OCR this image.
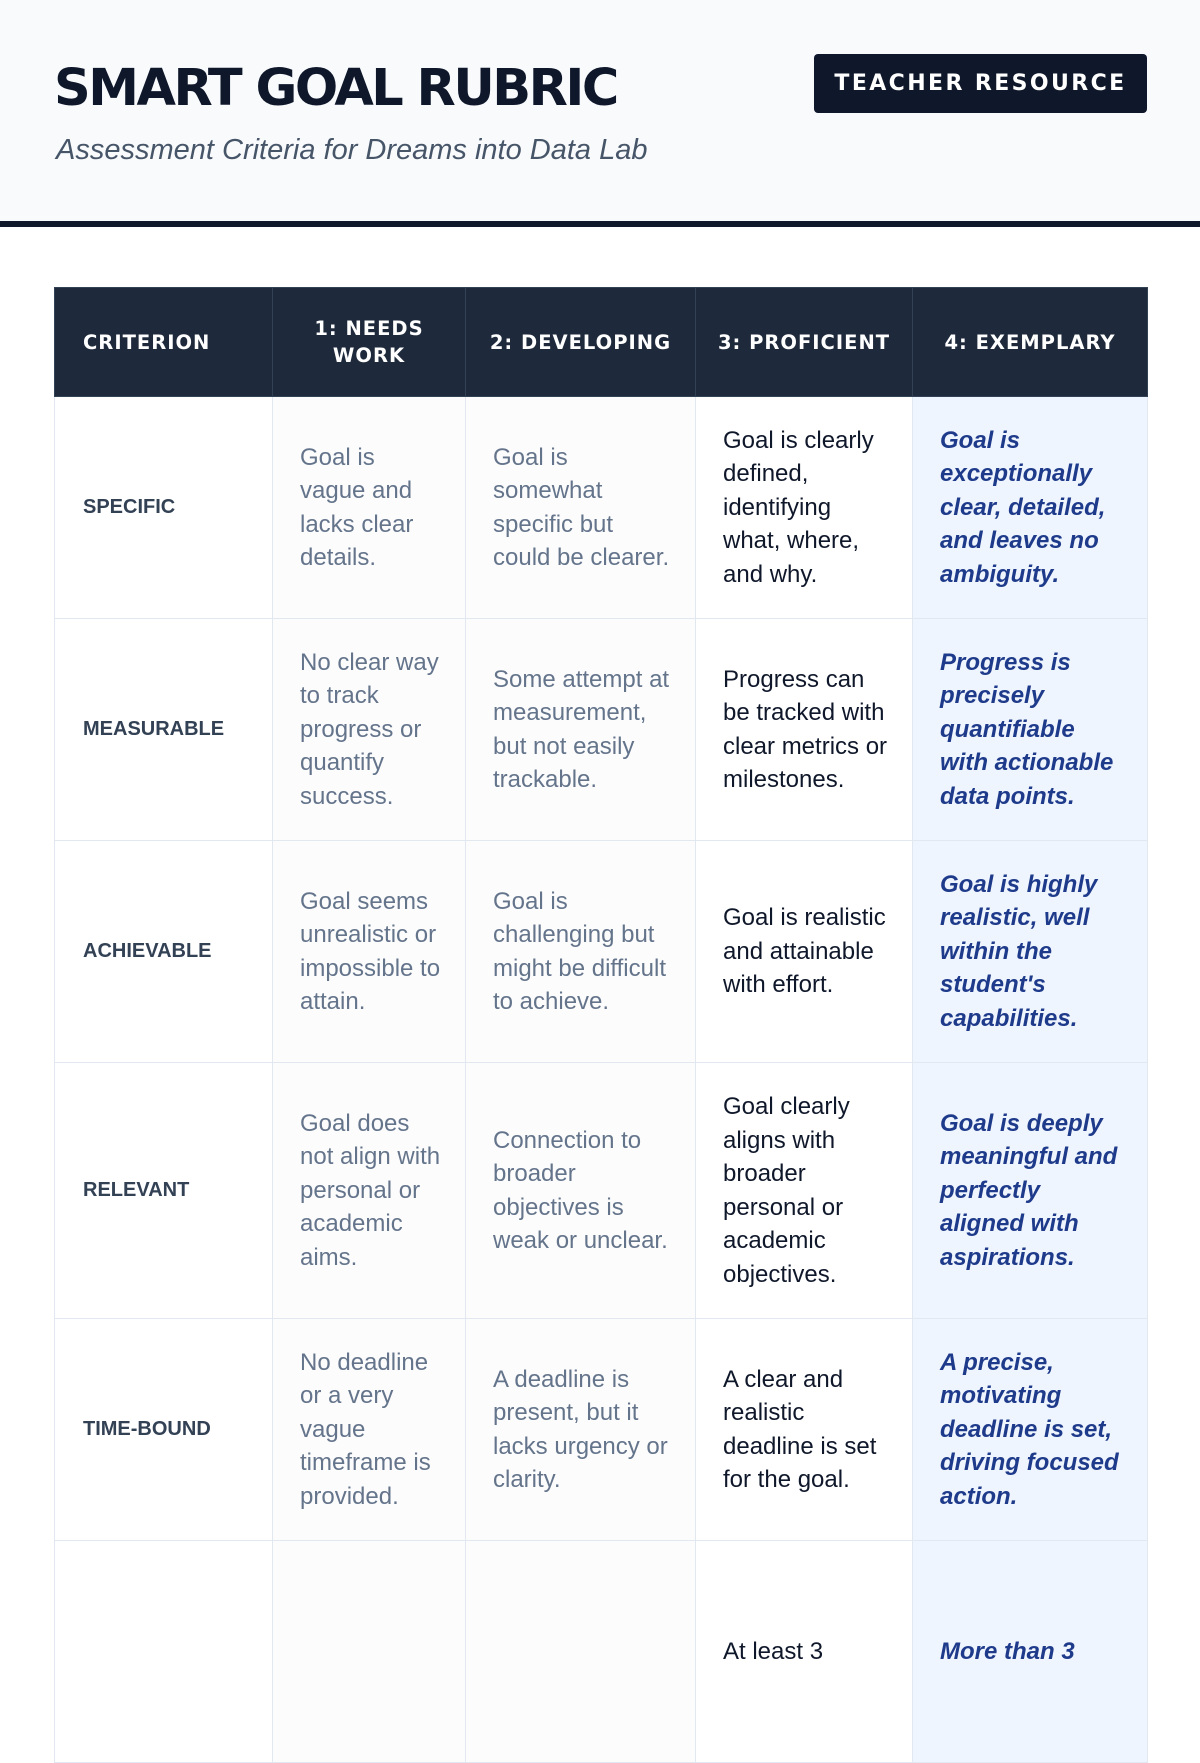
SMART GOAL RUBRIC

Assessment Criteria for Dreams into Data Lab

TEACHER RESOURCE
CRITERION	1: NEEDS WORK	2: DEVELOPING	3: PROFICIENT	4: EXEMPLARY
SPECIFIC	Goal is vague and lacks clear details.	Goal is somewhat specific but could be clearer.	Goal is clearly defined, identifying what, where, and why.	Goal is exceptionally clear, detailed, and leaves no ambiguity.
MEASURABLE	No clear way to track progress or quantify success.	Some attempt at measurement, but not easily trackable.	Progress can be tracked with clear metrics or milestones.	Progress is precisely quantifiable with actionable data points.
ACHIEVABLE	Goal seems unrealistic or impossible to attain.	Goal is challenging but might be difficult to achieve.	Goal is realistic and attainable with effort.	Goal is highly realistic, well within the student's capabilities.
RELEVANT	Goal does not align with personal or academic aims.	Connection to broader objectives is weak or unclear.	Goal clearly aligns with broader personal or academic objectives.	Goal is deeply meaningful and perfectly aligned with aspirations.
TIME-BOUND	No deadline or a very vague timeframe is provided.	A deadline is present, but it lacks urgency or clarity.	A clear and realistic deadline is set for the goal.	A precise, motivating deadline is set, driving focused action.
			At least 3	More than 3
